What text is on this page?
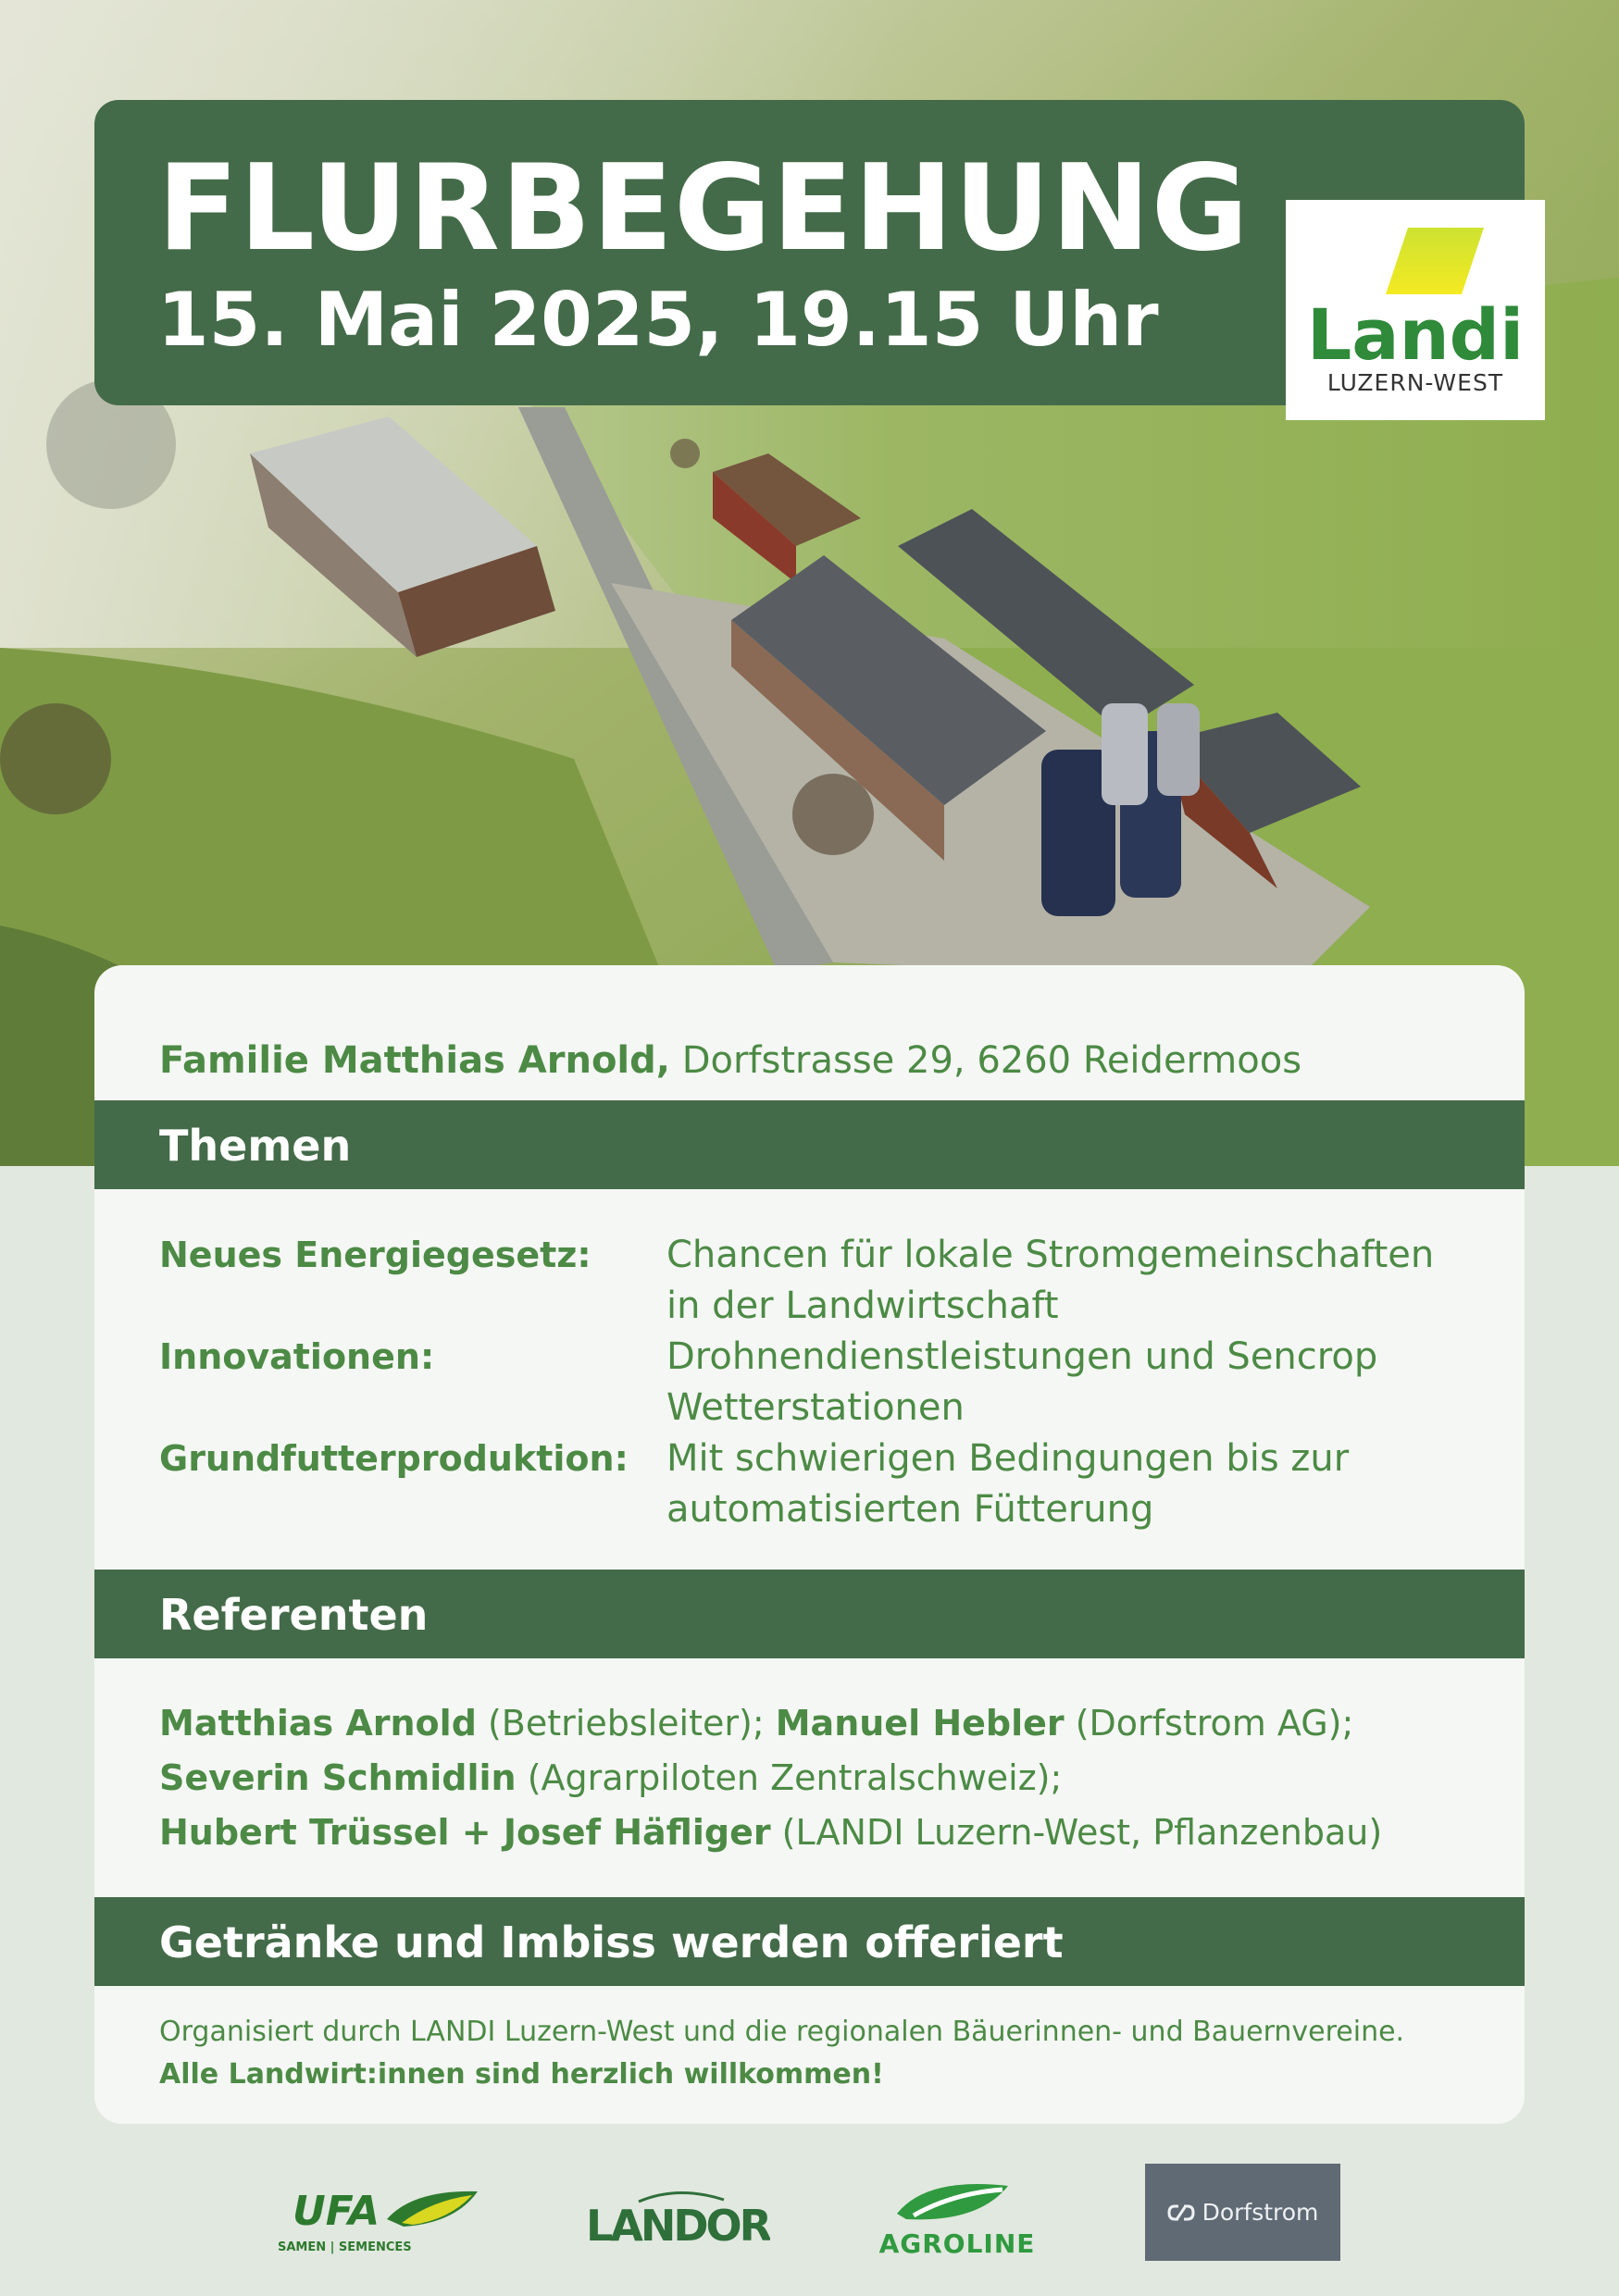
FLURBEGEHUNG
15. Mai 2025, 19.15 Uhr Landi
LUZERN-WEST
Familie Matthias Arnold, Dorfstrasse 29, 6260 Reidermoos
Themen
Neues Energiegesetz:	Chancen für lokale Stromgemeinschaften in der Landwirtschaft
Innovationen:	Drohnendienstleistungen und Sencrop Wetterstationen
Grundfutterproduktion:	Mit schwierigen Bedingungen bis zur automatisierten Fütterung
Referenten
Matthias Arnold (Betriebsleiter); Manuel Hebler (Dorfstrom AG);
Severin Schmidlin (Agrarpiloten Zentralschweiz);
Hubert Trüssel + Josef Häfliger (LANDI Luzern-West, Pflanzenbau)
Getränke und Imbiss werden offeriert
Organisiert durch LANDI Luzern-West und die regionalen Bäuerinnen- und Bauernvereine.
Alle Landwirt:innen sind herzlich willkommen!
UFA
SAMEN | SEMENCES	LANDOR	AGROLINE
Dorfstrom
